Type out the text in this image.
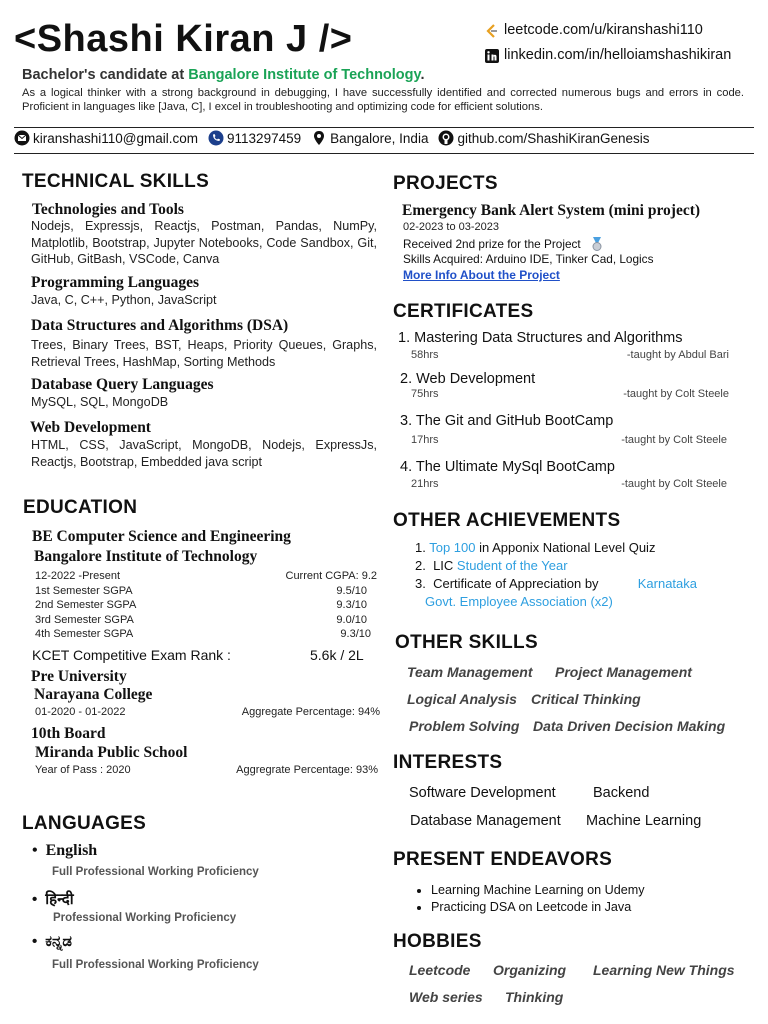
<Shashi Kiran J />	leetcode.com/u/kiranshashi110
linkedin.com/in/helloiamshashikiran
Bachelor's candidate at Bangalore Institute of Technology.
As a logical thinker with a strong background in debugging, I have successfully identified and corrected numerous bugs and errors in code. Proficient in languages like [Java, C], I excel in troubleshooting and optimizing code for efficient solutions.
kiranshashi110@gmail.com 9113297459 Bangalore, India github.com/ShashiKiranGenesis
TECHNICAL SKILLS
Technologies and Tools
Nodejs, Expressjs, Reactjs, Postman, Pandas, NumPy, Matplotlib, Bootstrap, Jupyter Notebooks, Code Sandbox, Git, GitHub, GitBash, VSCode, Canva
Programming Languages
Java, C, C++, Python, JavaScript
Data Structures and Algorithms (DSA)
Trees, Binary Trees, BST, Heaps, Priority Queues, Graphs, Retrieval Trees, HashMap, Sorting Methods
Database Query Languages
MySQL, SQL, MongoDB
Web Development
HTML, CSS, JavaScript, MongoDB, Nodejs, ExpressJs, Reactjs, Bootstrap, Embedded java script
EDUCATION
BE Computer Science and Engineering
Bangalore Institute of Technology
12-2022 -Present	Current CGPA: 9.2
1st Semester SGPA	9.5/10
2nd Semester SGPA	9.3/10
3rd Semester SGPA	9.0/10
4th Semester SGPA	9.3/10
KCET Competitive Exam Rank :	5.6k / 2L
Pre University
Narayana College
01-2020 - 01-2022	Aggregate Percentage: 94%
10th Board
Miranda Public School
Year of Pass : 2020	Aggregrate Percentage: 93%
LANGUAGES
• English
Full Professional Working Proficiency
• हिन्दी
Professional Working Proficiency
• ಕನ್ನಡ
Full Professional Working Proficiency
PROJECTS
Emergency Bank Alert System (mini project)
02-2023 to 03-2023
Received 2nd prize for the Project
Skills Acquired: Arduino IDE, Tinker Cad, Logics
More Info About the Project
CERTIFICATES
1. Mastering Data Structures and Algorithms
58hrs	-taught by Abdul Bari
2. Web Development
75hrs	-taught by Colt Steele
3. The Git and GitHub BootCamp
17hrs	-taught by Colt Steele
4. The Ultimate MySql BootCamp
21hrs	-taught by Colt Steele
OTHER ACHIEVEMENTS
1. Top 100 in Apponix National Level Quiz
2. LIC Student of the Year
3. Certificate of Appreciation by	Karnataka
Govt. Employee Association (x2)
OTHER SKILLS
Team Management Project Management
Logical Analysis Critical Thinking
Problem Solving Data Driven Decision Making
INTERESTS
Software Development	Backend
Database Management Machine Learning
PRESENT ENDEAVORS
• Learning Machine Learning on Udemy
• Practicing DSA on Leetcode in Java
HOBBIES
Leetcode Organizing Learning New Things
Web series Thinking
